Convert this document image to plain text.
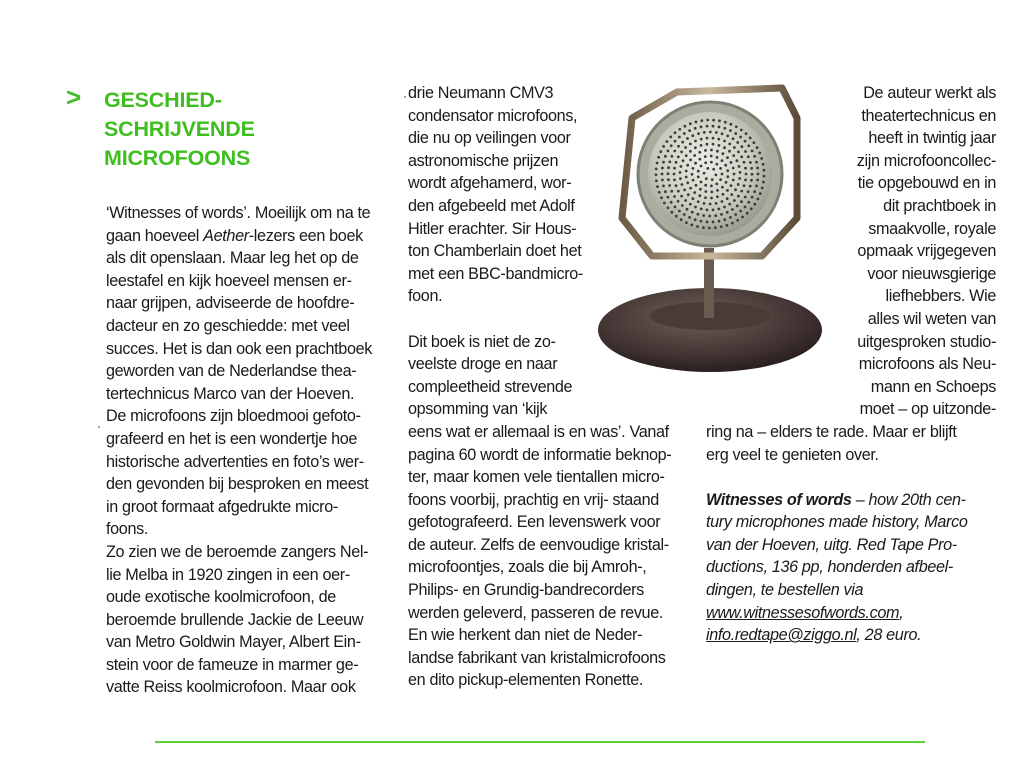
> GESCHIED-
SCHRIJVENDE
MICROFOONS
‘Witnesses of words’. Moeilijk om na te
gaan hoeveel Aether-lezers een boek
als dit openslaan. Maar leg het op de
leestafel en kijk hoeveel mensen er-
naar grijpen, adviseerde de hoofdre-
dacteur en zo geschiedde: met veel
succes. Het is dan ook een prachtboek
geworden van de Nederlandse thea-
tertechnicus Marco van der Hoeven.
De microfoons zijn bloedmooi gefoto-
grafeerd en het is een wondertje hoe
historische advertenties en foto’s wer-
den gevonden bij besproken en meest
in groot formaat afgedrukte micro-
foons.
Zo zien we de beroemde zangers Nel-
lie Melba in 1920 zingen in een oer-
oude exotische koolmicrofoon, de
beroemde brullende Jackie de Leeuw
van Metro Goldwin Mayer, Albert Ein-
stein voor de fameuze in marmer ge-
vatte Reiss koolmicrofoon. Maar ook
drie Neumann CMV3
condensator microfoons,
die nu op veilingen voor
astronomische prijzen
wordt afgehamerd, wor-
den afgebeeld met Adolf
Hitler erachter. Sir Hous-
ton Chamberlain doet het
met een BBC-bandmicro-
foon.
Dit boek is niet de zo-
veelste droge en naar
compleetheid strevende
opsomming van ‘kijk
eens wat er allemaal is en was’. Vanaf
pagina 60 wordt de informatie beknop-
ter, maar komen vele tientallen micro-
foons voorbij, prachtig en vrij- staand
gefotografeerd. Een levenswerk voor
de auteur. Zelfs de eenvoudige kristal-
microfoontjes, zoals die bij Amroh-,
Philips- en Grundig-bandrecorders
werden geleverd, passeren de revue.
En wie herkent dan niet de Neder-
landse fabrikant van kristalmicrofoons
en dito pickup-elementen Ronette.
De auteur werkt als
theatertechnicus en
heeft in twintig jaar
zijn microfooncollec-
tie opgebouwd en in
dit prachtboek in
smaakvolle, royale
opmaak vrijgegeven
voor nieuwsgierige
liefhebbers. Wie
alles wil weten van
uitgesproken studio-
microfoons als Neu-
mann en Schoeps
moet – op uitzonde-
ring na – elders te rade. Maar er blijft
erg veel te genieten over.
Witnesses of words – how 20th cen-
tury microphones made history, Marco
van der Hoeven, uitg. Red Tape Pro-
ductions, 136 pp, honderden afbeel-
dingen, te bestellen via
www.witnessesofwords.com,
info.redtape@ziggo.nl, 28 euro.
